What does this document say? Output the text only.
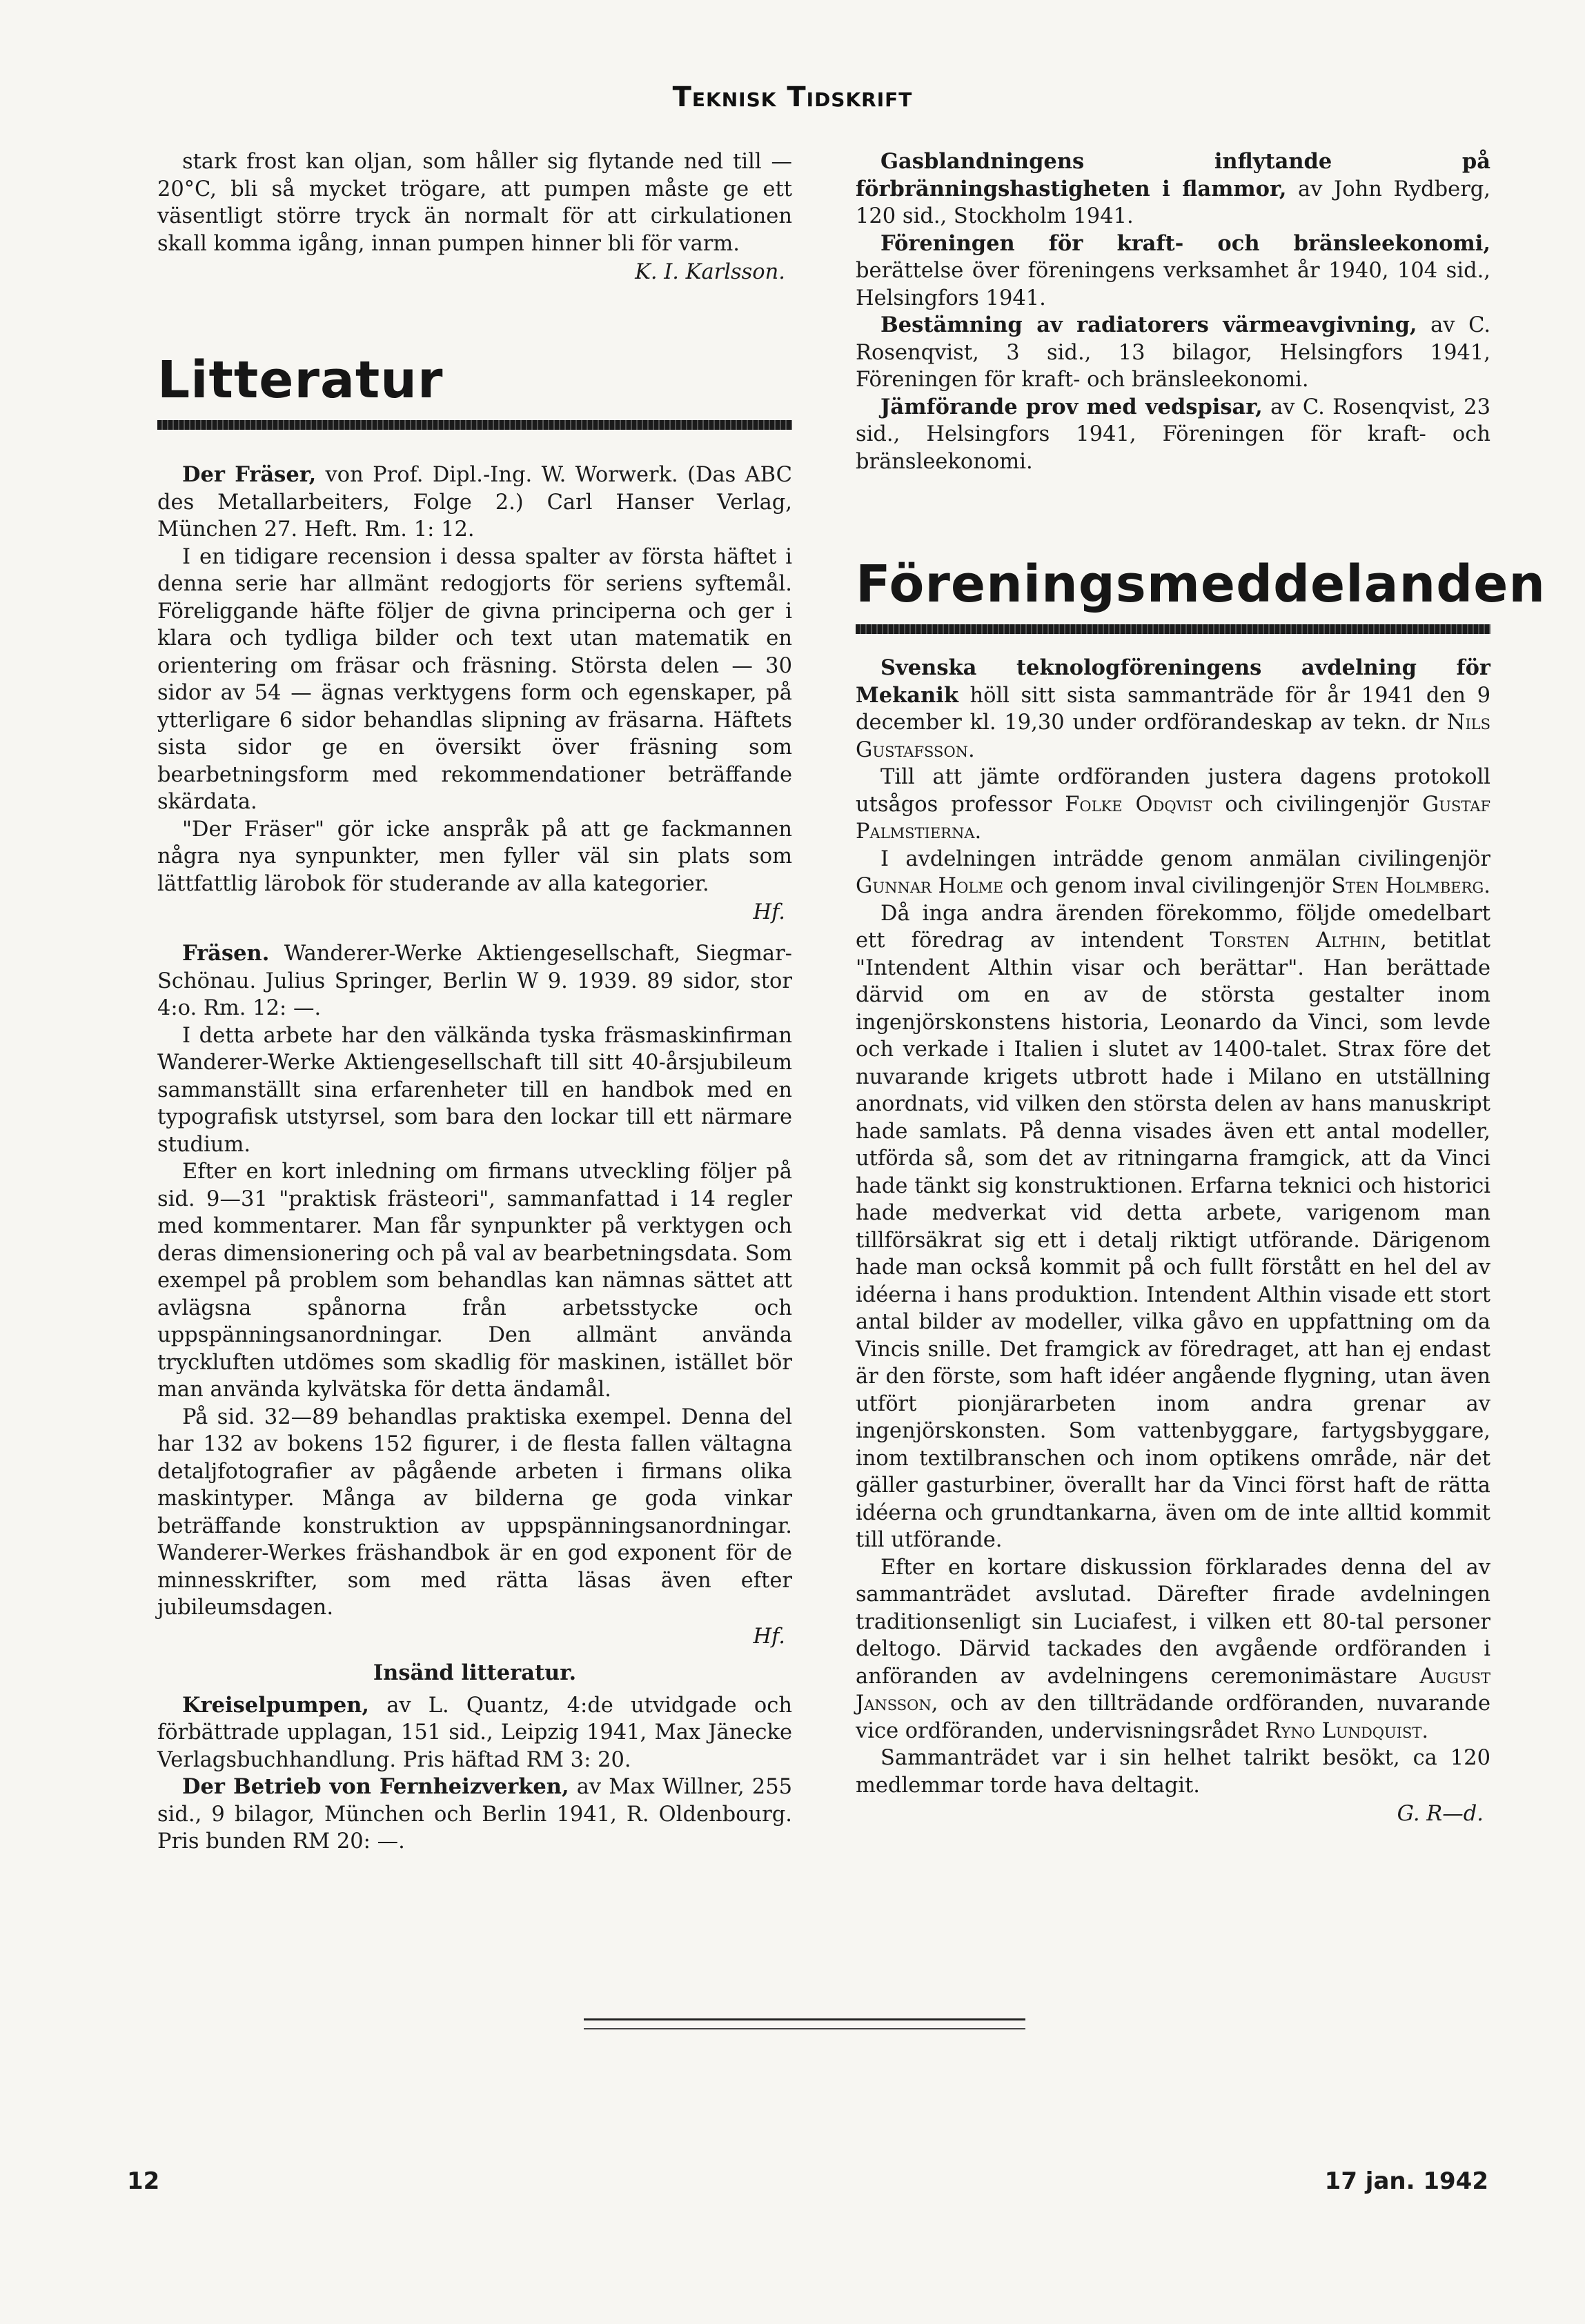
Teknisk Tidskrift

stark frost kan oljan, som håller sig flytande ned till — 20°C, bli så mycket trögare, att pumpen måste ge ett väsentligt större tryck än normalt för att cirkulationen skall komma igång, innan pumpen hinner bli för varm.

K. I. Karlsson.
Litteratur

Der Fräser, von Prof. Dipl.-Ing. W. Worwerk. (Das ABC des Metallarbeiters, Folge 2.) Carl Hanser Verlag, München 27. Heft. Rm. 1: 12.

I en tidigare recension i dessa spalter av första häftet i denna serie har allmänt redogjorts för seriens syftemål. Föreliggande häfte följer de givna principerna och ger i klara och tydliga bilder och text utan matematik en orientering om fräsar och fräsning. Största delen — 30 sidor av 54 — ägnas verktygens form och egenskaper, på ytterligare 6 sidor behandlas slipning av fräsarna. Häftets sista sidor ge en översikt över fräsning som bearbetningsform med rekommendationer beträffande skärdata.

"Der Fräser" gör icke anspråk på att ge fackmannen några nya synpunkter, men fyller väl sin plats som lättfattlig lärobok för studerande av alla kategorier.

Hf.

Fräsen. Wanderer-Werke Aktiengesellschaft, Siegmar-Schönau. Julius Springer, Berlin W 9. 1939. 89 sidor, stor 4:o. Rm. 12: —.

I detta arbete har den välkända tyska fräsmaskinfirman Wanderer-Werke Aktiengesellschaft till sitt 40-årsjubileum sammanställt sina erfarenheter till en handbok med en typografisk utstyrsel, som bara den lockar till ett närmare studium.

Efter en kort inledning om firmans utveckling följer på sid. 9—31 "praktisk frästeori", sammanfattad i 14 regler med kommentarer. Man får synpunkter på verktygen och deras dimensionering och på val av bearbetningsdata. Som exempel på problem som behandlas kan nämnas sättet att avlägsna spånorna från arbetsstycke och uppspänningsanordningar. Den allmänt använda tryckluften utdömes som skadlig för maskinen, istället bör man använda kylvätska för detta ändamål.

På sid. 32—89 behandlas praktiska exempel. Denna del har 132 av bokens 152 figurer, i de flesta fallen vältagna detaljfotografier av pågående arbeten i firmans olika maskintyper. Många av bilderna ge goda vinkar beträffande konstruktion av uppspänningsanordningar. Wanderer-Werkes fräshandbok är en god exponent för de minnesskrifter, som med rätta läsas även efter jubileumsdagen.

Hf.
Insänd litteratur.

Kreiselpumpen, av L. Quantz, 4:de utvidgade och förbättrade upplagan, 151 sid., Leipzig 1941, Max Jänecke Verlagsbuchhandlung. Pris häftad RM 3: 20.

Der Betrieb von Fernheizverken, av Max Willner, 255 sid., 9 bilagor, München och Berlin 1941, R. Oldenbourg. Pris bunden RM 20: —.

Gasblandningens inflytande på förbränningshastigheten i flammor, av John Rydberg, 120 sid., Stockholm 1941.

Föreningen för kraft- och bränsleekonomi, berättelse över föreningens verksamhet år 1940, 104 sid., Helsingfors 1941.

Bestämning av radiatorers värmeavgivning, av C. Rosenqvist, 3 sid., 13 bilagor, Helsingfors 1941, Föreningen för kraft- och bränsleekonomi.

Jämförande prov med vedspisar, av C. Rosenqvist, 23 sid., Helsingfors 1941, Föreningen för kraft- och bränsleekonomi.

Föreningsmeddelanden

Svenska teknologföreningens avdelning för Mekanik höll sitt sista sammanträde för år 1941 den 9 december kl. 19,30 under ordförandeskap av tekn. dr Nils Gustafsson.

Till att jämte ordföranden justera dagens protokoll utsågos professor Folke Odqvist och civilingenjör Gustaf Palmstierna.

I avdelningen inträdde genom anmälan civilingenjör Gunnar Holme och genom inval civilingenjör Sten Holmberg.

Då inga andra ärenden förekommo, följde omedelbart ett föredrag av intendent Torsten Althin, betitlat "Intendent Althin visar och berättar". Han berättade därvid om en av de största gestalter inom ingenjörskonstens historia, Leonardo da Vinci, som levde och verkade i Italien i slutet av 1400-talet. Strax före det nuvarande krigets utbrott hade i Milano en utställning anordnats, vid vilken den största delen av hans manuskript hade samlats. På denna visades även ett antal modeller, utförda så, som det av ritningarna framgick, att da Vinci hade tänkt sig konstruktionen. Erfarna teknici och historici hade medverkat vid detta arbete, varigenom man tillförsäkrat sig ett i detalj riktigt utförande. Därigenom hade man också kommit på och fullt förstått en hel del av idéerna i hans produktion. Intendent Althin visade ett stort antal bilder av modeller, vilka gåvo en uppfattning om da Vincis snille. Det framgick av föredraget, att han ej endast är den förste, som haft idéer angående flygning, utan även utfört pionjärarbeten inom andra grenar av ingenjörskonsten. Som vattenbyggare, fartygsbyggare, inom textilbranschen och inom optikens område, när det gäller gasturbiner, överallt har da Vinci först haft de rätta idéerna och grundtankarna, även om de inte alltid kommit till utförande.

Efter en kortare diskussion förklarades denna del av sammanträdet avslutad. Därefter firade avdelningen traditionsenligt sin Luciafest, i vilken ett 80-tal personer deltogo. Därvid tackades den avgående ordföranden i anföranden av avdelningens ceremonimästare August Jansson, och av den tillträdande ordföranden, nuvarande vice ordföranden, undervisningsrådet Ryno Lundquist.

Sammanträdet var i sin helhet talrikt besökt, ca 120 medlemmar torde hava deltagit.

G. R—d.
12	17 jan. 1942
